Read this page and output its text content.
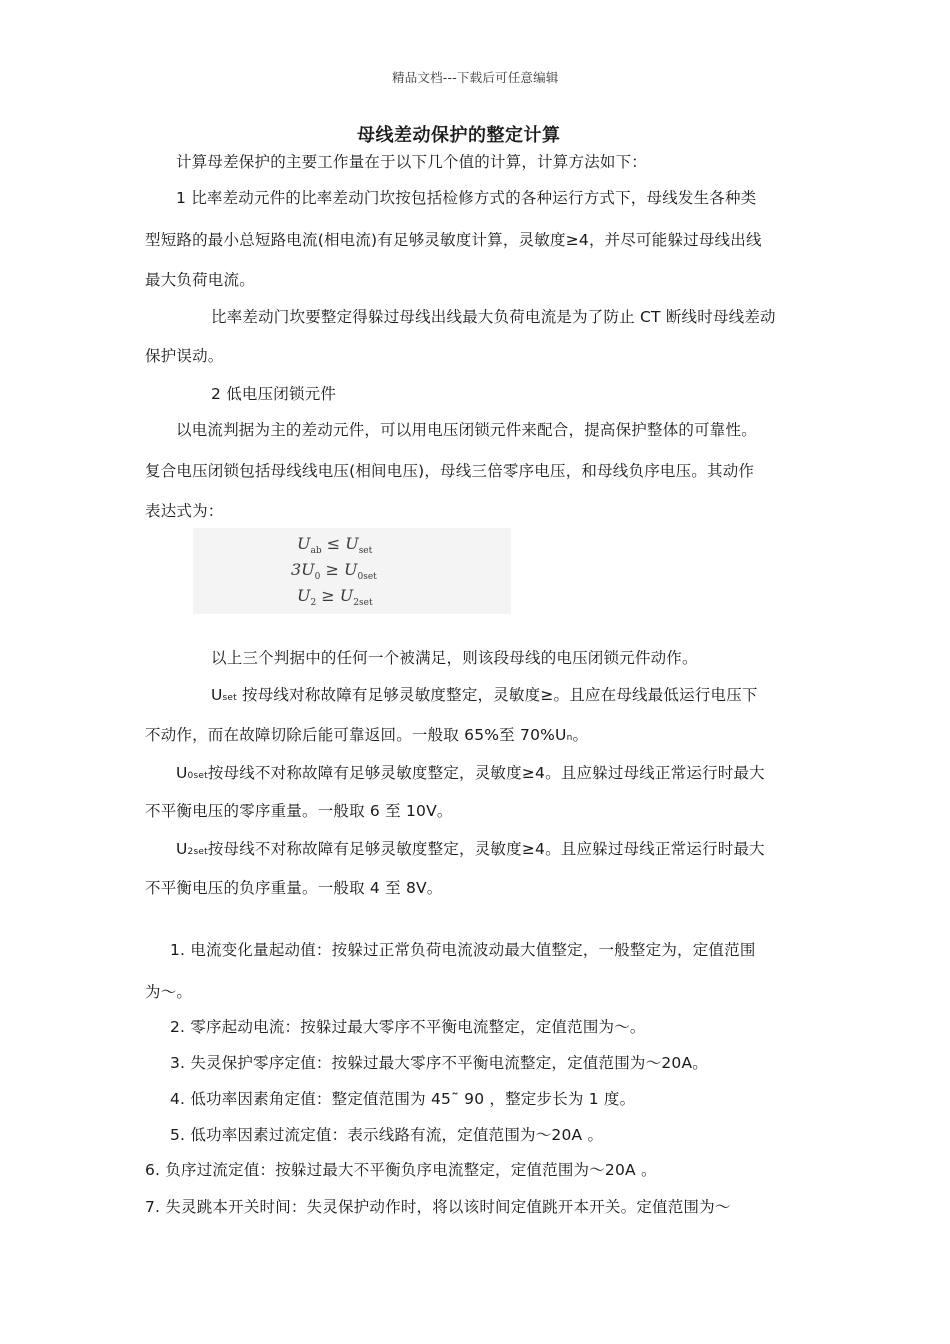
精品文档---下载后可任意编辑
母线差动保护的整定计算
计算母差保护的主要工作量在于以下几个值的计算，计算方法如下：
1 比率差动元件的比率差动门坎按包括检修方式的各种运行方式下，母线发生各种类
型短路的最小总短路电流(相电流)有足够灵敏度计算，灵敏度≥4，并尽可能躲过母线出线
最大负荷电流。
比率差动门坎要整定得躲过母线出线最大负荷电流是为了防止 CT 断线时母线差动
保护误动。
2 低电压闭锁元件
以电流判据为主的差动元件，可以用电压闭锁元件来配合，提高保护整体的可靠性。
复合电压闭锁包括母线线电压(相间电压)，母线三倍零序电压，和母线负序电压。其动作
表达式为：
$U_{ab} \le U_{set}$
$3U_0 \ge U_{0set}$
$U_2 \ge U_{2set}$
以上三个判据中的任何一个被满足，则该段母线的电压闭锁元件动作。
Uset 按母线对称故障有足够灵敏度整定，灵敏度≥。且应在母线最低运行电压下
不动作，而在故障切除后能可靠返回。一般取 65%至 70%Un。
U0set按母线不对称故障有足够灵敏度整定，灵敏度≥4。且应躲过母线正常运行时最大
不平衡电压的零序重量。一般取 6 至 10V。
U2set按母线不对称故障有足够灵敏度整定，灵敏度≥4。且应躲过母线正常运行时最大
不平衡电压的负序重量。一般取 4 至 8V。
1. 电流变化量起动值：按躲过正常负荷电流波动最大值整定，一般整定为，定值范围
为～。
2. 零序起动电流：按躲过最大零序不平衡电流整定，定值范围为～。
3. 失灵保护零序定值：按躲过最大零序不平衡电流整定，定值范围为～20A。
4. 低功率因素角定值：整定值范围为 45˜ 90 ，整定步长为 1 度。
5. 低功率因素过流定值：表示线路有流，定值范围为～20A 。
6. 负序过流定值：按躲过最大不平衡负序电流整定，定值范围为～20A 。
7. 失灵跳本开关时间：失灵保护动作时，将以该时间定值跳开本开关。定值范围为～
